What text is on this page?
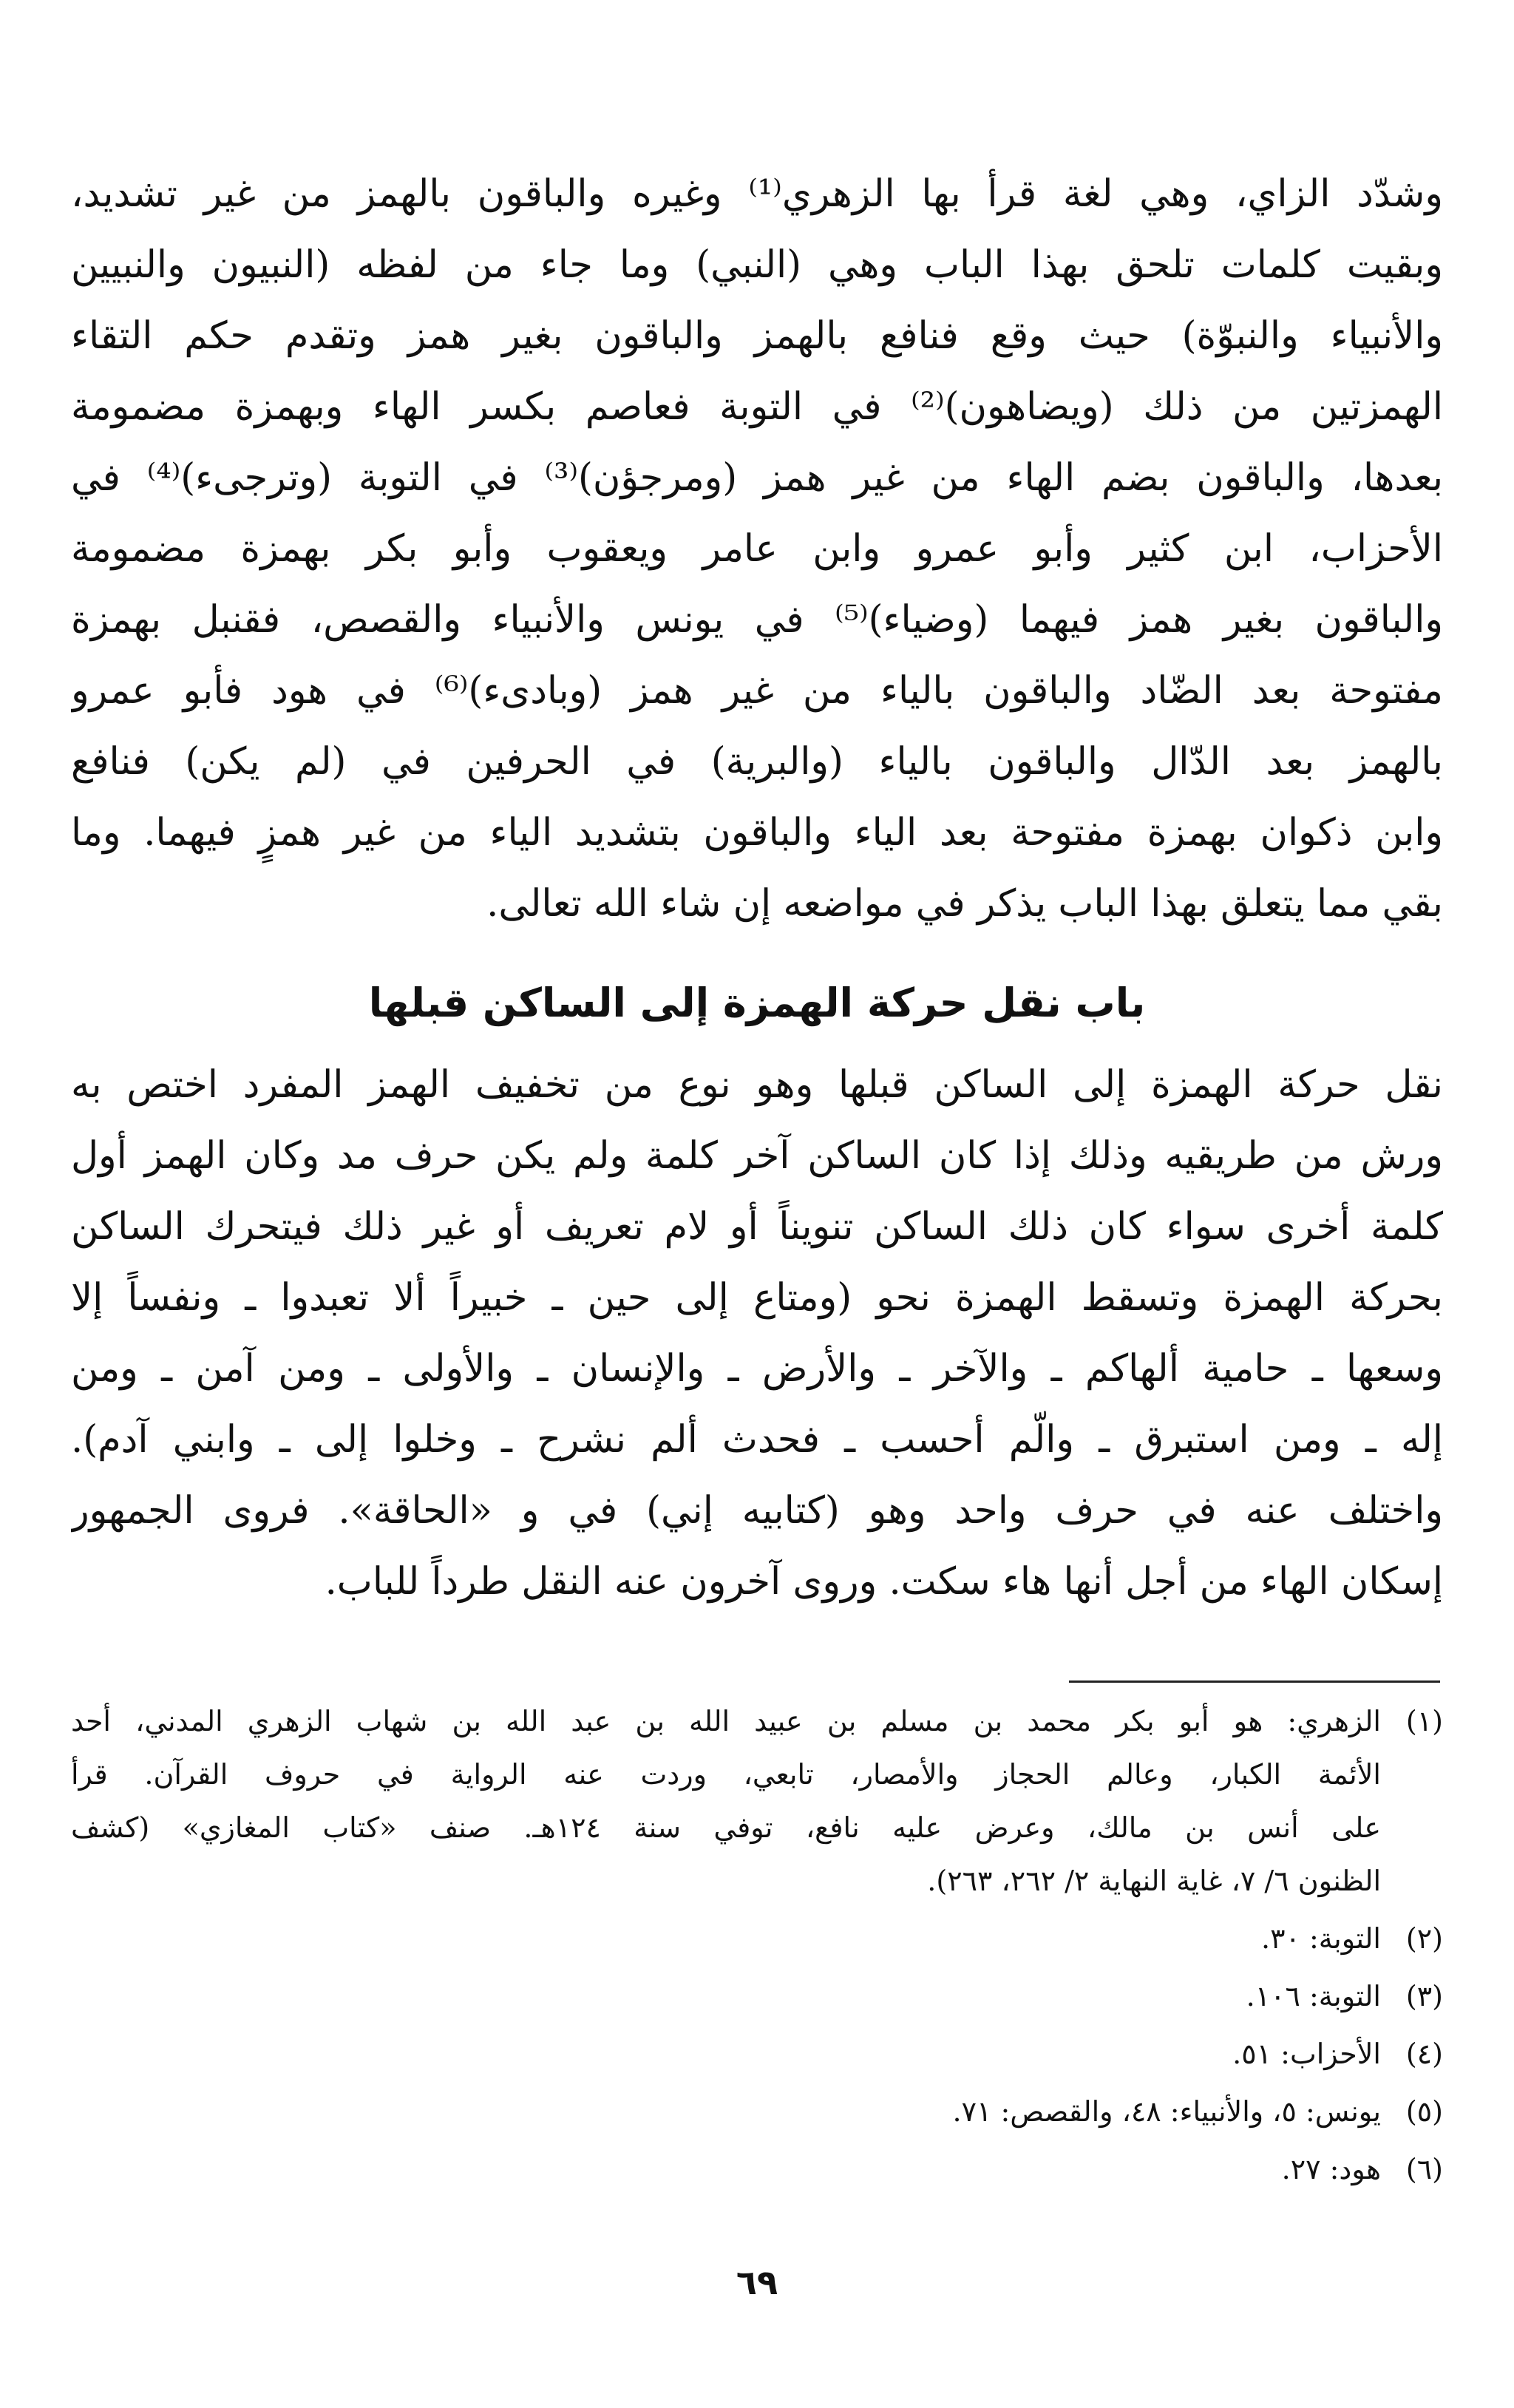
وشدّد الزاي، وهي لغة قرأ بها الزهري⁽¹⁾ وغيره والباقون بالهمز من غير تشديد،
وبقيت كلمات تلحق بهذا الباب وهي (النبي) وما جاء من لفظه (النبيون والنبيين
والأنبياء والنبوّة) حيث وقع فنافع بالهمز والباقون بغير همز وتقدم حكم التقاء
الهمزتين من ذلك (ويضاهون)⁽²⁾ في التوبة فعاصم بكسر الهاء وبهمزة مضمومة
بعدها، والباقون بضم الهاء من غير همز (ومرجؤن)⁽³⁾ في التوبة (وترجىء)⁽⁴⁾ في
الأحزاب، ابن كثير وأبو عمرو وابن عامر ويعقوب وأبو بكر بهمزة مضمومة
والباقون بغير همز فيهما (وضياء)⁽⁵⁾ في يونس والأنبياء والقصص، فقنبل بهمزة
مفتوحة بعد الضّاد والباقون بالياء من غير همز (وبادىء)⁽⁶⁾ في هود فأبو عمرو
بالهمز بعد الدّال والباقون بالياء (والبرية) في الحرفين في (لم يكن) فنافع
وابن ذكوان بهمزة مفتوحة بعد الياء والباقون بتشديد الياء من غير همزٍ فيهما. وما
بقي مما يتعلق بهذا الباب يذكر في مواضعه إن شاء الله تعالى.
باب نقل حركة الهمزة إلى الساكن قبلها
نقل حركة الهمزة إلى الساكن قبلها وهو نوع من تخفيف الهمز المفرد اختص به
ورش من طريقيه وذلك إذا كان الساكن آخر كلمة ولم يكن حرف مد وكان الهمز أول
كلمة أخرى سواء كان ذلك الساكن تنويناً أو لام تعريف أو غير ذلك فيتحرك الساكن
بحركة الهمزة وتسقط الهمزة نحو (ومتاع إلى حين ـ خبيراً ألا تعبدوا ـ ونفساً إلا
وسعها ـ حامية ألهاكم ـ والآخر ـ والأرض ـ والإنسان ـ والأولى ـ ومن آمن ـ ومن
إله ـ ومن استبرق ـ والّم أحسب ـ فحدث ألم نشرح ـ وخلوا إلى ـ وابني آدم).
واختلف عنه في حرف واحد وهو (كتابيه إني) في و «الحاقة». فروى الجمهور
إسكان الهاء من أجل أنها هاء سكت. وروى آخرون عنه النقل طرداً للباب.
(١)
الزهري: هو أبو بكر محمد بن مسلم بن عبيد الله بن عبد الله بن شهاب الزهري المدني، أحد
الأئمة الكبار، وعالم الحجاز والأمصار، تابعي، وردت عنه الرواية في حروف القرآن. قرأ
على أنس بن مالك، وعرض عليه نافع، توفي سنة ١٢٤هـ. صنف «كتاب المغازي» (كشف
الظنون ٦/ ٧، غاية النهاية ٢/ ٢٦٢، ٢٦٣).
(٢)
التوبة: ٣٠.
(٣)
التوبة: ١٠٦.
(٤)
الأحزاب: ٥١.
(٥)
يونس: ٥، والأنبياء: ٤٨، والقصص: ٧١.
(٦)
هود: ٢٧.
٦٩
